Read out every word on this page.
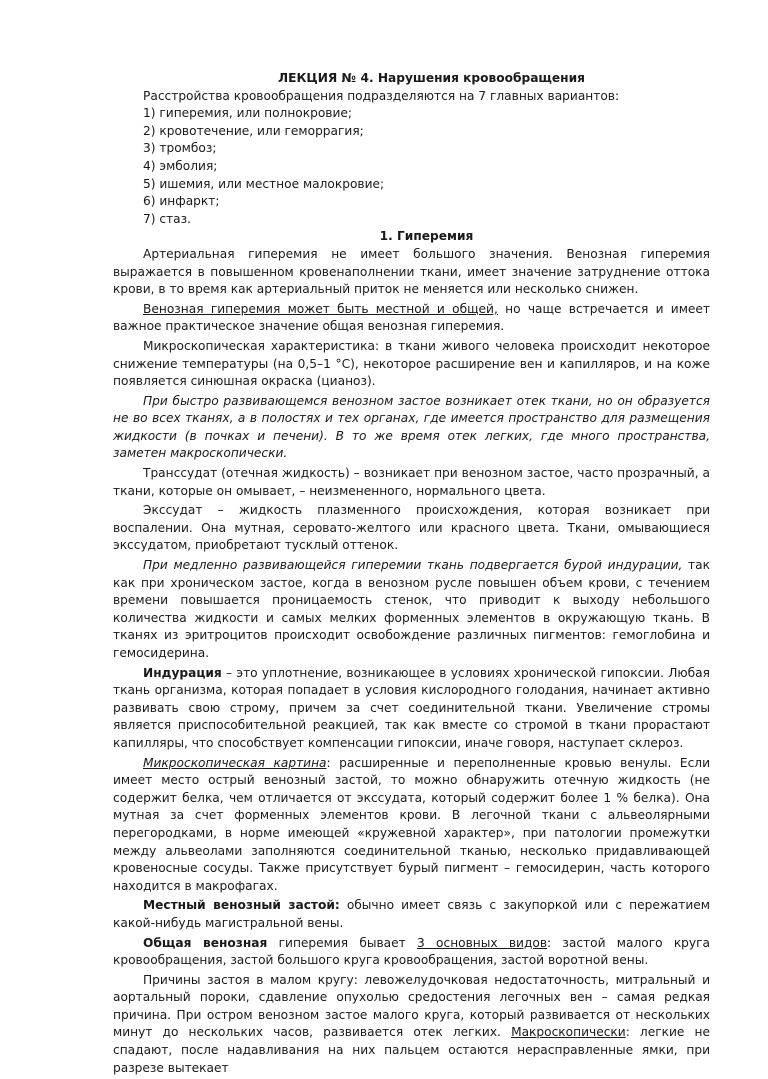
ЛЕКЦИЯ № 4. Нарушения кровообращения
Расстройства кровообращения подразделяются на 7 главных вариантов:
1) гиперемия, или полнокровие;
2) кровотечение, или геморрагия;
3) тромбоз;
4) эмболия;
5) ишемия, или местное малокровие;
6) инфаркт;
7) стаз.
1. Гиперемия

Артериальная гиперемия не имеет большого значения. Венозная гиперемия выражается в повышенном кровенаполнении ткани, имеет значение затруднение оттока крови, в то время как артериальный приток не меняется или несколько снижен.

Венозная гиперемия может быть местной и общей, но чаще встречается и имеет важное практическое значение общая венозная гиперемия.

Микроскопическая характеристика: в ткани живого человека происходит некоторое снижение температуры (на 0,5–1 °С), некоторое расширение вен и капилляров, и на коже появляется синюшная окраска (цианоз).

При быстро развивающемся венозном застое возникает отек ткани, но он образуется не во всех тканях, а в полостях и тех органах, где имеется пространство для размещения жидкости (в почках и печени). В то же время отек легких, где много пространства, заметен макроскопически.

Транссудат (отечная жидкость) – возникает при венозном застое, часто прозрачный, а ткани, которые он омывает, – неизмененного, нормального цвета.

Экссудат – жидкость плазменного происхождения, которая возникает при воспалении. Она мутная, серовато-желтого или красного цвета. Ткани, омывающиеся экссудатом, приобретают тусклый оттенок.

При медленно развивающейся гиперемии ткань подвергается бурой индурации, так как при хроническом застое, когда в венозном русле повышен объем крови, с течением времени повышается проницаемость стенок, что приводит к выходу небольшого количества жидкости и самых мелких форменных элементов в окружающую ткань. В тканях из эритроцитов происходит освобождение различных пигментов: гемоглобина и гемосидерина.

Индурация – это уплотнение, возникающее в условиях хронической гипоксии. Любая ткань организма, которая попадает в условия кислородного голодания, начинает активно развивать свою строму, причем за счет соединительной ткани. Увеличение стромы является приспособительной реакцией, так как вместе со стромой в ткани прорастают капилляры, что способствует компенсации гипоксии, иначе говоря, наступает склероз.

Микроскопическая картина: расширенные и переполненные кровью венулы. Если имеет место острый венозный застой, то можно обнаружить отечную жидкость (не содержит белка, чем отличается от экссудата, который содержит более 1 % белка). Она мутная за счет форменных элементов крови. В легочной ткани с альвеолярными перегородками, в норме имеющей «кружевной характер», при патологии промежутки между альвеолами заполняются соединительной тканью, несколько придавливающей кровеносные сосуды. Также присутствует бурый пигмент – гемосидерин, часть которого находится в макрофагах.

Местный венозный застой: обычно имеет связь с закупоркой или с пережатием какой-нибудь магистральной вены.

Общая венозная гиперемия бывает 3 основных видов: застой малого круга кровообращения, застой большого круга кровообращения, застой воротной вены.

Причины застоя в малом кругу: левожелудочковая недостаточность, митральный и аортальный пороки, сдавление опухолью средостения легочных вен – самая редкая причина. При остром венозном застое малого круга, который развивается от нескольких минут до нескольких часов, развивается отек легких. Макроскопически: легкие не спадают, после надавливания на них пальцем остаются нерасправленные ямки, при разрезе вытекает
